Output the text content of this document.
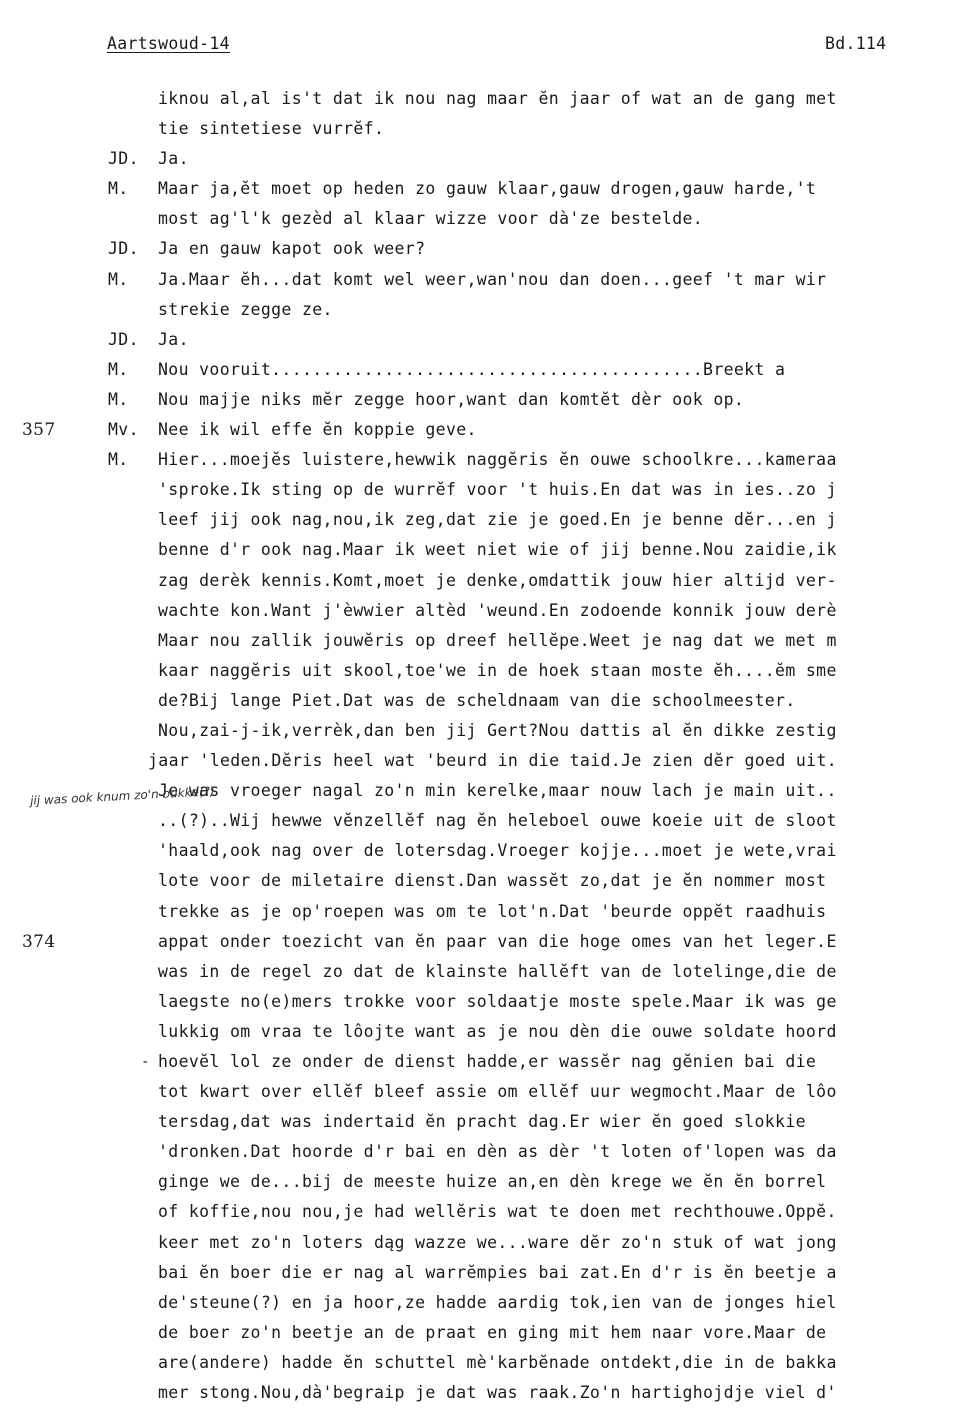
Aartswoud-14	Bd.114
iknou al,al is't dat ik nou nag maar ĕn jaar of wat an de gang met
tie sintetiese vurrĕf.
JD. Ja.
M. Maar ja,ĕt moet op heden zo gauw klaar,gauw drogen,gauw harde,'t
most ag'l'k gezèd al klaar wizze voor dà'ze bestelde.
JD. Ja en gauw kapot ook weer?
M. Ja.Maar ĕh...dat komt wel weer,wan'nou dan doen...geef 't mar wir
strekie zegge ze.
JD. Ja.
M. Nou vooruit..........................................Breekt a
M. Nou majje niks mĕr zegge hoor,want dan komtĕt dèr ook op.
357	Mv. Nee ik wil effe ĕn koppie geve.
M. Hier...moejĕs luistere,hewwik naggĕris ĕn ouwe schoolkre...kameraa
'sproke.Ik sting op de wurrĕf voor 't huis.En dat was in ies..zo j
leef jij ook nag,nou,ik zeg,dat zie je goed.En je benne dĕr...en j
benne d'r ook nag.Maar ik weet niet wie of jij benne.Nou zaidie,ik
zag derèk kennis.Komt,moet je denke,omdattik jouw hier altijd ver-
wachte kon.Want j'èwwier altèd 'weund.En zodoende konnik jouw derè
Maar nou zallik jouwĕris op dreef hellĕpe.Weet je nag dat we met m
kaar naggĕris uit skool,toe'we in de hoek staan moste ĕh....ĕm sme
de?Bij lange Piet.Dat was de scheldnaam van die schoolmeester.
Nou,zai-j-ik,verrèk,dan ben jij Gert?Nou dattis al ĕn dikke zestig
jaar 'leden.Dĕris heel wat 'beurd in die taid.Je zien dĕr goed uit.
Je was vroeger nagal zo'n min kerelke,maar nouw lach je main uit..
..(?)..Wij hewwe vĕnzellĕf nag ĕn heleboel ouwe koeie uit de sloot
'haald,ook nag over de lotersdag.Vroeger kojje...moet je wete,vrai
lote voor de miletaire dienst.Dan wassĕt zo,dat je ĕn nommer most
trekke as je op'roepen was om te lot'n.Dat 'beurde oppĕt raadhuis
374	appat onder toezicht van ĕn paar van die hoge omes van het leger.E
was in de regel zo dat de klainste hallĕft van de lotelinge,die de
laegste no(e)mers trokke voor soldaatje moste spele.Maar ik was ge
lukkig om vraa te lôojte want as je nou dèn die ouwe soldate hoord
hoevĕl lol ze onder de dienst hadde,er wassĕr nag gĕnien bai die
tot kwart over ellĕf bleef assie om ellĕf uur wegmocht.Maar de lôo
tersdag,dat was indertaid ĕn pracht dag.Er wier ĕn goed slokkie
'dronken.Dat hoorde d'r bai en dèn as dèr 't loten of'lopen was da
ginge we de...bij de meeste huize an,en dèn krege we ĕn ĕn borrel
of koffie,nou nou,je had wellĕris wat te doen met rechthouwe.Oppĕ.
keer met zo'n loters dąg wazze we...ware dĕr zo'n stuk of wat jong
bai ĕn boer die er nag al warrĕmpies bai zat.En d'r is ĕn beetje a
de'steune(?) en ja hoor,ze hadde aardig tok,ien van de jonges hiel
de boer zo'n beetje an de praat en ging mit hem naar vore.Maar de
are(andere) hadde ĕn schuttel mè'karbĕnade ontdekt,die in de bakka
mer stong.Nou,dà'begraip je dat was raak.Zo'n hartighojdje viel d'
jij was ook knum zo'n bukke(?)
-
